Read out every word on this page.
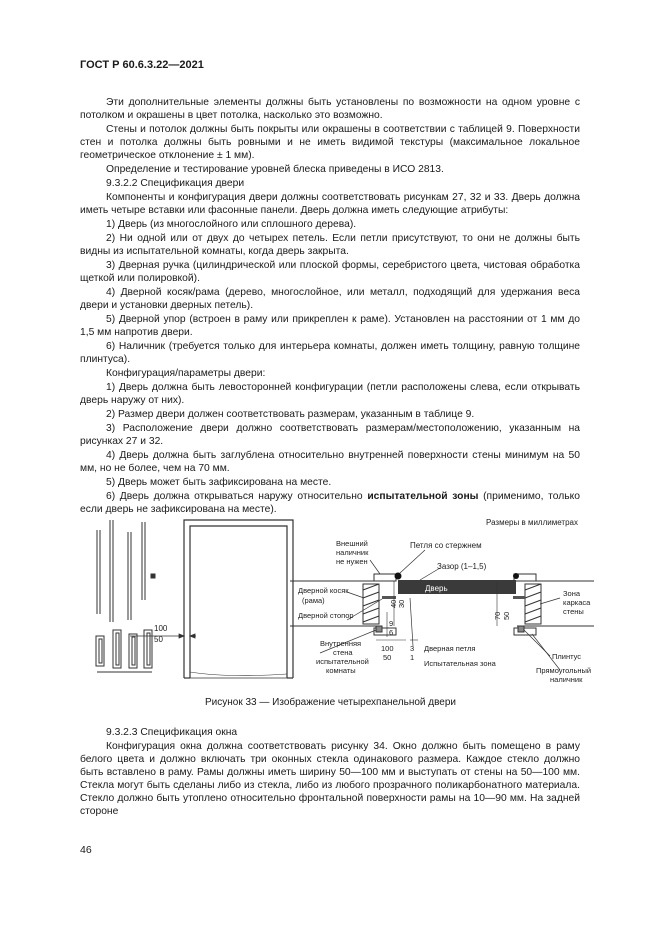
ГОСТ Р 60.6.3.22—2021

Эти дополнительные элементы должны быть установлены по возможности на одном уровне с потолком и окрашены в цвет потолка, насколько это возможно.

Стены и потолок должны быть покрыты или окрашены в соответствии с таблицей 9. Поверхности стен и потолка должны быть ровными и не иметь видимой текстуры (максимальное локальное геометрическое отклонение ± 1 мм).

Определение и тестирование уровней блеска приведены в ИСО 2813.

9.3.2.2 Спецификация двери

Компоненты и конфигурация двери должны соответствовать рисункам 27, 32 и 33. Дверь должна иметь четыре вставки или фасонные панели. Дверь должна иметь следующие атрибуты:

1) Дверь (из многослойного или сплошного дерева).

2) Ни одной или от двух до четырех петель. Если петли присутствуют, то они не должны быть видны из испытательной комнаты, когда дверь закрыта.

3) Дверная ручка (цилиндрической или плоской формы, серебристого цвета, чистовая обработка щеткой или полировкой).

4) Дверной косяк/рама (дерево, многослойное, или металл, подходящий для удержания веса двери и установки дверных петель).

5) Дверной упор (встроен в раму или прикреплен к раме). Установлен на расстоянии от 1 мм до 1,5 мм напротив двери.

6) Наличник (требуется только для интерьера комнаты, должен иметь толщину, равную толщине плинтуса).

Конфигурация/параметры двери:

1) Дверь должна быть левосторонней конфигурации (петли расположены слева, если открывать дверь наружу от них).

2) Размер двери должен соответствовать размерам, указанным в таблице 9.

3) Расположение двери должно соответствовать размерам/местоположению, указанным на рисунках 27 и 32.

4) Дверь должна быть заглублена относительно внутренней поверхности стены минимум на 50 мм, но не более, чем на 70 мм.

5) Дверь может быть зафиксирована на месте.

6) Дверь должна открываться наружу относительно испытательной зоны (применимо, только если дверь не зафиксирована на месте).

100
50
Размеры в миллиметрах
Дверь
Внешний
наличник
не нужен
Петля со стержнем
Зазор (1–1,5)
Дверной косяк
(рама)
Дверной стопор
40 30
9
6
70 50
100
50
3
1
Внутренняя
стена
испытательной
комнаты
Дверная петля
Испытательная зона
Зона
каркаса
стены
Плинтус
Прямоугольный
наличник
Рисунок 33 — Изображение четырехпанельной двери

9.3.2.3 Спецификация окна

Конфигурация окна должна соответствовать рисунку 34. Окно должно быть помещено в раму белого цвета и должно включать три оконных стекла одинакового размера. Каждое стекло должно быть вставлено в раму. Рамы должны иметь ширину 50—100 мм и выступать от стены на 50—100 мм. Стекла могут быть сделаны либо из стекла, либо из любого прозрачного поликарбонатного материала. Стекло должно быть утоплено относительно фронтальной поверхности рамы на 10—90 мм. На задней стороне

46
